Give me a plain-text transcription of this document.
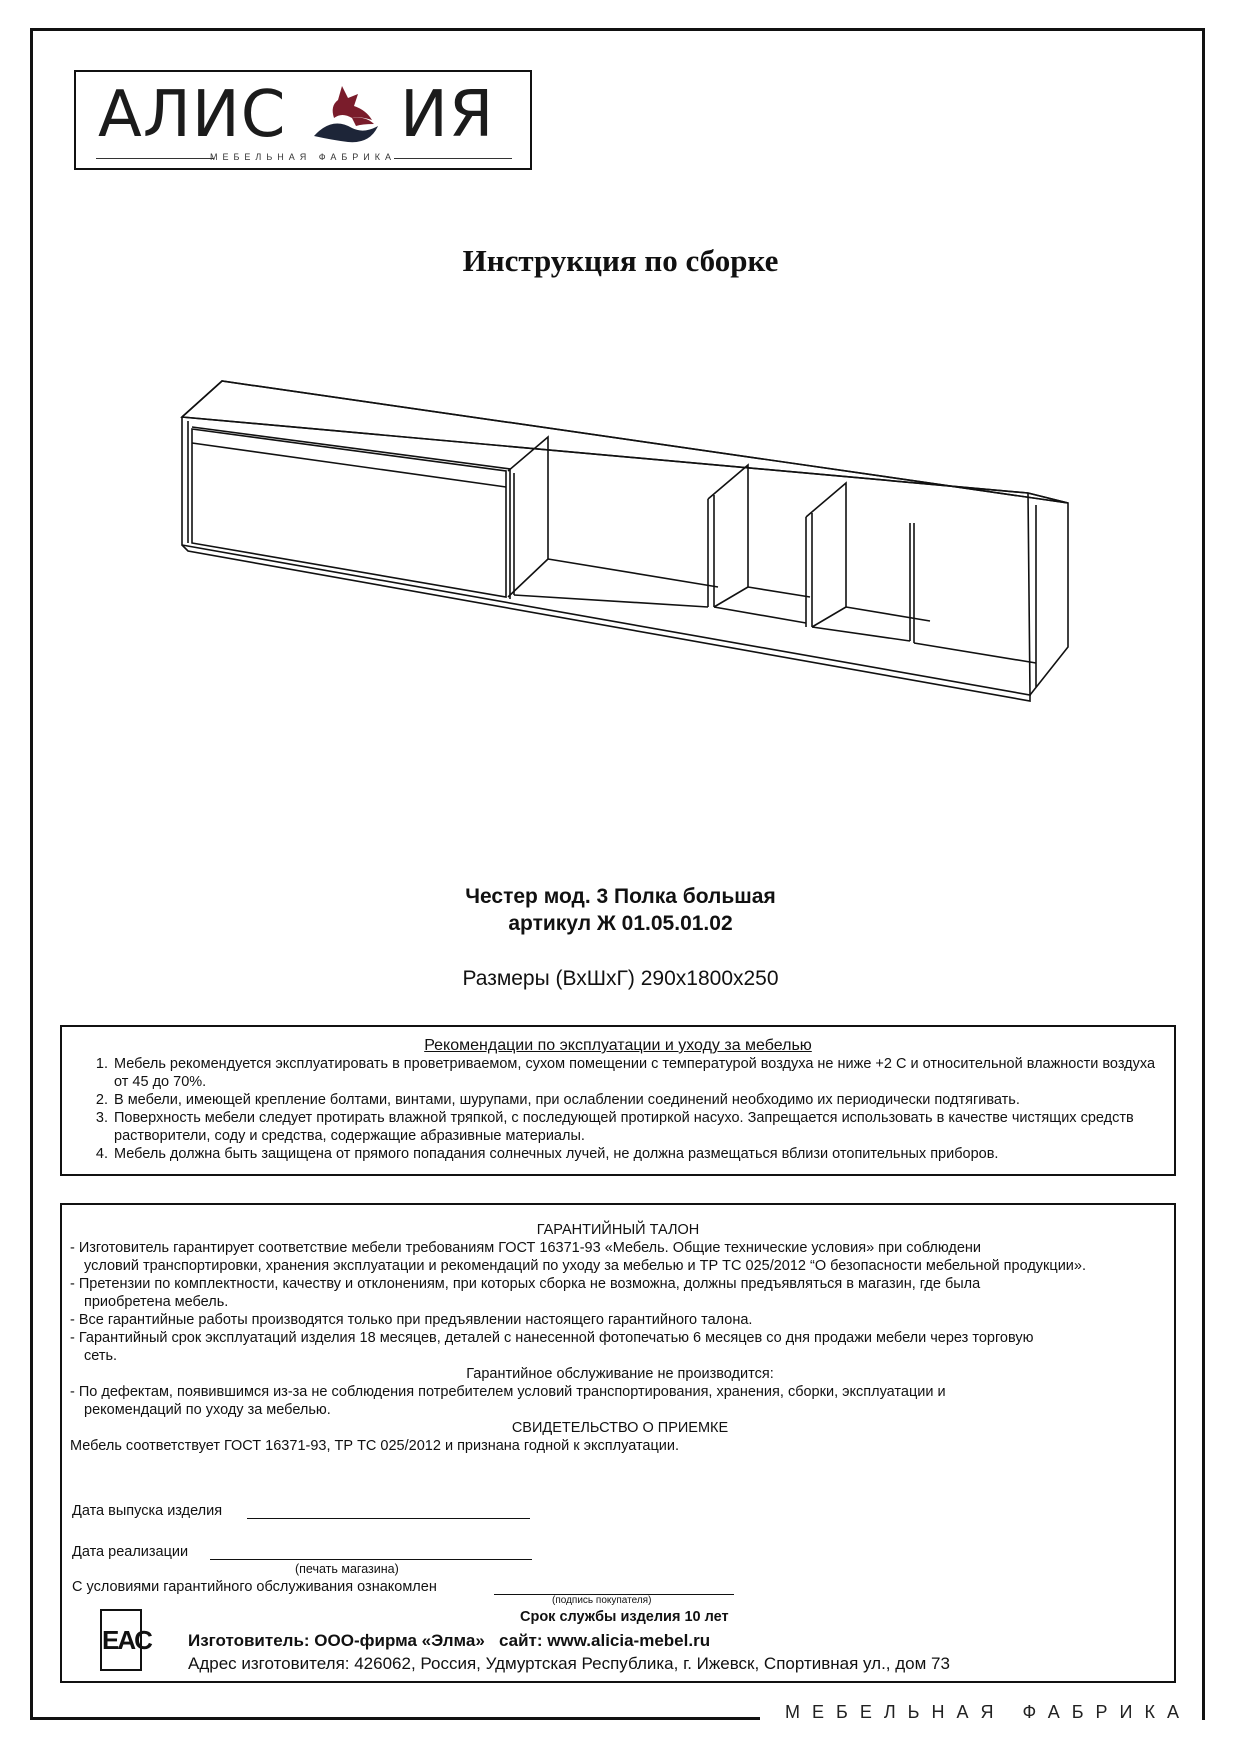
МЕБЕЛЬНАЯ ФАБРИКА
АЛИС ИЯ
МЕБЕЛЬНАЯ ФАБРИКА
Инструкция по сборке
Честер мод. 3 Полка большая
артикул Ж 01.05.01.02
Размеры (ВхШхГ) 290х1800х250
Рекомендации по эксплуатации и уходу за мебелью
1. Мебель рекомендуется эксплуатировать в проветриваемом, сухом помещении с температурой воздуха не ниже +2 С и относительной влажности воздуха от 45 до 70%.
2. В мебели, имеющей крепление болтами, винтами, шурупами, при ослаблении соединений необходимо их периодически подтягивать.
3. Поверхность мебели следует протирать влажной тряпкой, с последующей протиркой насухо. Запрещается использовать в качестве чистящих средств растворители, соду и средства, содержащие абразивные материалы.
4. Мебель должна быть защищена от прямого попадания солнечных лучей, не должна размещаться вблизи отопительных приборов.
ГАРАНТИЙНЫЙ ТАЛОН
- Изготовитель гарантирует соответствие мебели требованиям ГОСТ 16371-93 «Мебель. Общие технические условия» при соблюдени
условий транспортировки, хранения эксплуатации и рекомендаций по уходу за мебелью и ТР ТС 025/2012 “О безопасности мебельной продукции».
- Претензии по комплектности, качеству и отклонениям, при которых сборка не возможна, должны предъявляться в магазин, где была
приобретена мебель.
- Все гарантийные работы производятся только при предъявлении настоящего гарантийного талона.
- Гарантийный срок эксплуатаций изделия 18 месяцев, деталей с нанесенной фотопечатью 6 месяцев со дня продажи мебели через торговую
сеть.
Гарантийное обслуживание не производится:
- По дефектам, появившимся из-за не соблюдения потребителем условий транспортирования, хранения, сборки, эксплуатации и
рекомендаций по уходу за мебелью.
СВИДЕТЕЛЬСТВО О ПРИЕМКЕ
Мебель соответствует ГОСТ 16371-93, ТР ТС 025/2012 и признана годной к эксплуатации.
Дата выпуска изделия
Дата реализации
(печать магазина)
С условиями гарантийного обслуживания ознакомлен
(подпись покупателя)
Срок службы изделия 10 лет
EAC Изготовитель: ООО-фирма «Элма»   сайт: www.alicia-mebel.ru
Адрес изготовителя: 426062, Россия, Удмуртская Республика, г. Ижевск, Спортивная ул., дом 73
